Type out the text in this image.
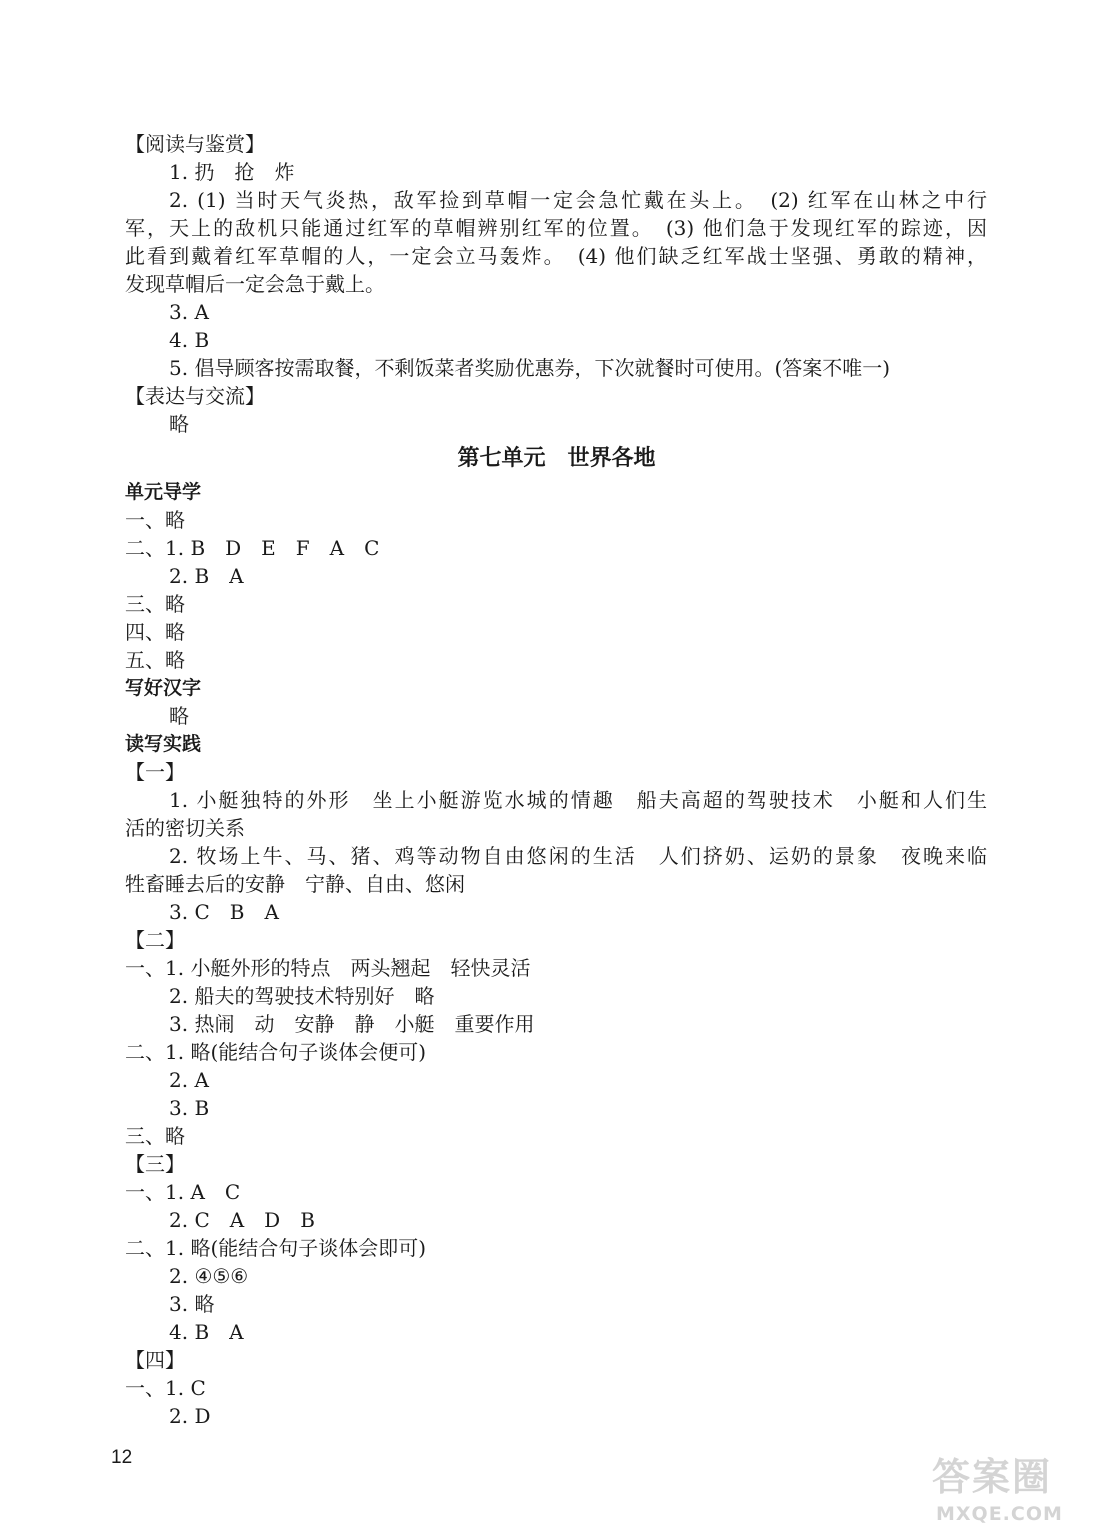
【阅读与鉴赏】
1. 扔　抢　炸
2. (1) 当时天气炎热，敌军捡到草帽一定会急忙戴在头上。　(2) 红军在山林之中行
军，天上的敌机只能通过红军的草帽辨别红军的位置。　(3) 他们急于发现红军的踪迹，因
此看到戴着红军草帽的人，一定会立马轰炸。　(4) 他们缺乏红军战士坚强、勇敢的精神，
发现草帽后一定会急于戴上。
3. A
4. B
5. 倡导顾客按需取餐，不剩饭菜者奖励优惠券，下次就餐时可使用。(答案不唯一)
【表达与交流】
略
第七单元　世界各地
单元导学
一、略
二、1. B　D　E　F　A　C
2. B　A
三、略
四、略
五、略
写好汉字
略
读写实践
【一】
1. 小艇独特的外形　坐上小艇游览水城的情趣　船夫高超的驾驶技术　小艇和人们生
活的密切关系
2. 牧场上牛、马、猪、鸡等动物自由悠闲的生活　人们挤奶、运奶的景象　夜晚来临
牲畜睡去后的安静　宁静、自由、悠闲
3. C　B　A
【二】
一、1. 小艇外形的特点　两头翘起　轻快灵活
2. 船夫的驾驶技术特别好　略
3. 热闹　动　安静　静　小艇　重要作用
二、1. 略(能结合句子谈体会便可)
2. A
3. B
三、略
【三】
一、1. A　C
2. C　A　D　B
二、1. 略(能结合句子谈体会即可)
2. ④⑤⑥
3. 略
4. B　A
【四】
一、1. C
2. D
12	答案圈
MXQE.COM
